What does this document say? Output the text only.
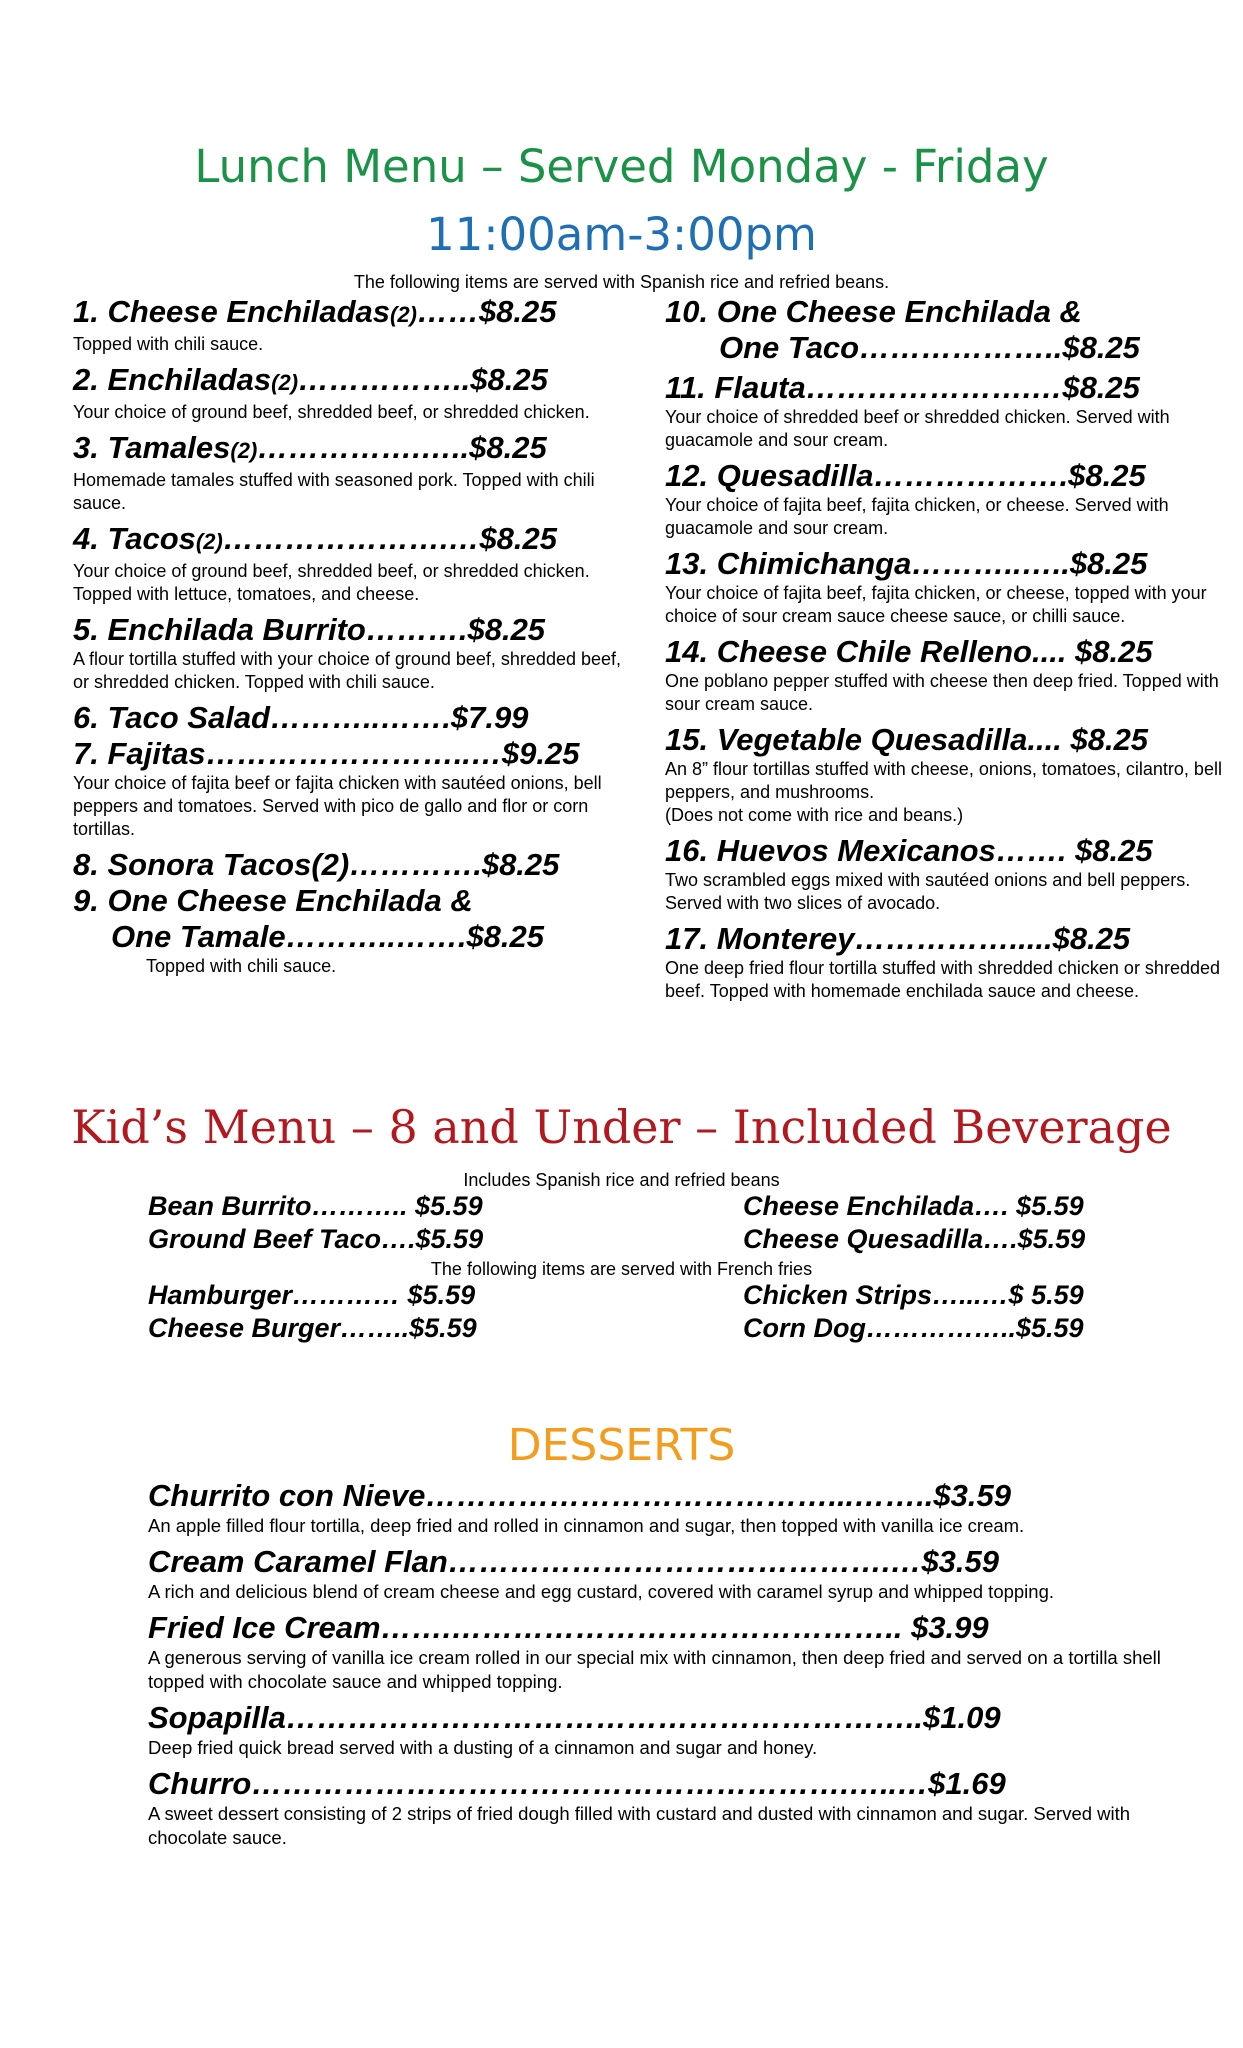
Lunch Menu – Served Monday - Friday
11:00am-3:00pm
The following items are served with Spanish rice and refried beans.
1. Cheese Enchiladas(2)……$8.25
Topped with chili sauce.
2. Enchiladas(2)……………..$8.25
Your choice of ground beef, shredded beef, or shredded chicken.
3. Tamales(2)…………….…..$8.25
Homemade tamales stuffed with seasoned pork. Topped with chili sauce.
4. Tacos(2)………………….…$8.25
Your choice of ground beef, shredded beef, or shredded chicken. Topped with lettuce, tomatoes, and cheese.
5. Enchilada Burrito……….$8.25
A flour tortilla stuffed with your choice of ground beef, shredded beef, or shredded chicken. Topped with chili sauce.
6. Taco Salad………..…….$7.99
7. Fajitas……………………..…$9.25
Your choice of fajita beef or fajita chicken with sautéed onions, bell peppers and tomatoes. Served with pico de gallo and flor or corn tortillas.
8. Sonora Tacos(2)………….$8.25
9. One Cheese Enchilada &
One Tamale………..…….$8.25
Topped with chili sauce.
10. One Cheese Enchilada &
One Taco………………..$8.25
11. Flauta………………….…$8.25
Your choice of shredded beef or shredded chicken. Served with guacamole and sour cream.
12. Quesadilla……………….$8.25
Your choice of fajita beef, fajita chicken, or cheese. Served with guacamole and sour cream.
13. Chimichanga………..…..$8.25
Your choice of fajita beef, fajita chicken, or cheese, topped with your choice of sour cream sauce cheese sauce, or chilli sauce.
14. Cheese Chile Relleno.... $8.25
One poblano pepper stuffed with cheese then deep fried. Topped with sour cream sauce.
15. Vegetable Quesadilla.... $8.25
An 8” flour tortillas stuffed with cheese, onions, tomatoes, cilantro, bell peppers, and mushrooms.
(Does not come with rice and beans.)
16. Huevos Mexicanos……. $8.25
Two scrambled eggs mixed with sautéed onions and bell peppers. Served with two slices of avocado.
17. Monterey…………….....$8.25
One deep fried flour tortilla stuffed with shredded chicken or shredded beef. Topped with homemade enchilada sauce and cheese.
Kid’s Menu – 8 and Under – Included Beverage
Includes Spanish rice and refried beans
Bean Burrito……….. $5.59	Cheese Enchilada…. $5.59
Ground Beef Taco….$5.59	Cheese Quesadilla….$5.59
The following items are served with French fries
Hamburger………… $5.59	Chicken Strips…...…$ 5.59
Cheese Burger……..$5.59	Corn Dog……………..$5.59
DESSERTS
Churrito con Nieve…………………………………...……..$3.59
An apple filled flour tortilla, deep fried and rolled in cinnamon and sugar, then topped with vanilla ice cream.
Cream Caramel Flan…………………………………….…$3.59
A rich and delicious blend of cream cheese and egg custard, covered with caramel syrup and whipped topping.
Fried Ice Cream…….…………………………………….. $3.99
A generous serving of vanilla ice cream rolled in our special mix with cinnamon, then deep fried and served on a tortilla shell topped with chocolate sauce and whipped topping.
Sopapilla……………………………………………………..$1.09
Deep fried quick bread served with a dusting of a cinnamon and sugar and honey.
Churro………………………………………………….…..…$1.69
A sweet dessert consisting of 2 strips of fried dough filled with custard and dusted with cinnamon and sugar. Served with chocolate sauce.
